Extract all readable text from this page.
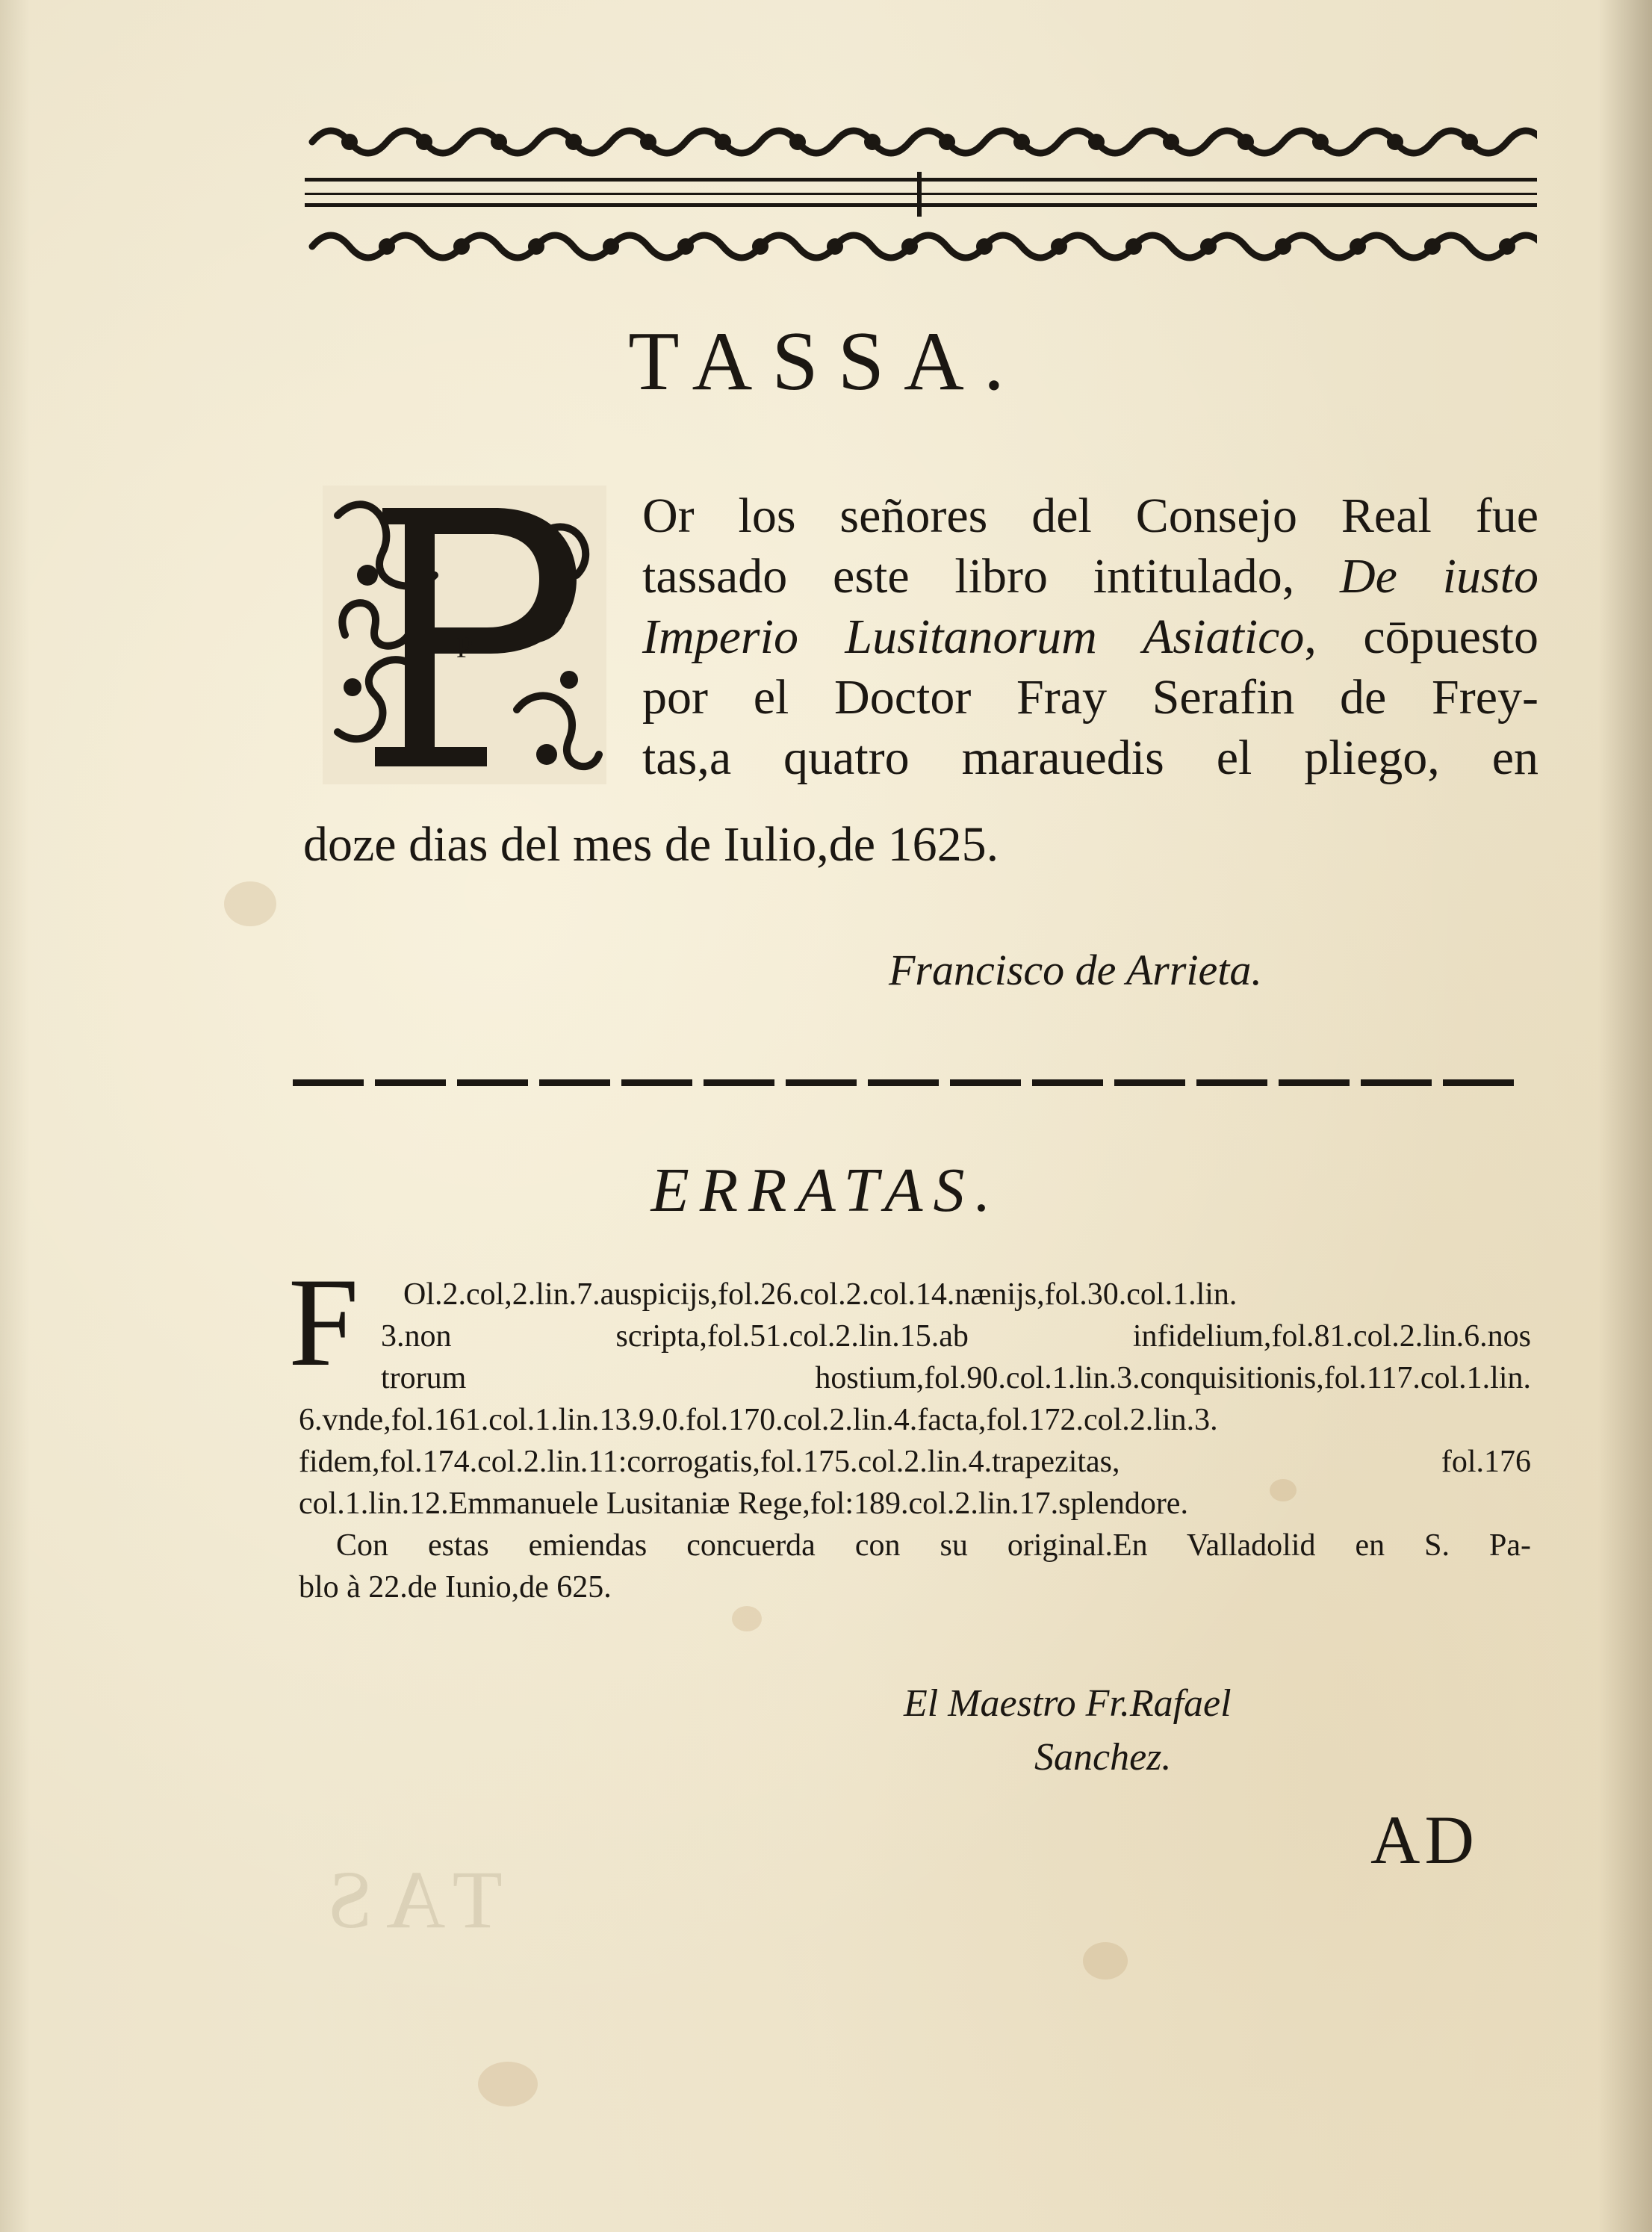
TAS
TASSA.
P
Or los señores del Consejo Real fue
tassado este libro intitulado, De iusto
Imperio Lusitanorum Asiatico, cōpuesto
por el Doctor Fray Serafin de Frey-
tas,a quatro marauedis el pliego, en
doze dias del mes de Iulio,de 1625.
Francisco de Arrieta.
ERRATAS.
F	Ol.2.col,2.lin.7.auspicijs,fol.26.col.2.col.14.nænijs,fol.30.col.1.lin.
3.non scripta,fol.51.col.2.lin.15.ab infidelium,fol.81.col.2.lin.6.nos
trorum hostium,fol.90.col.1.lin.3.conquisitionis,fol.117.col.1.lin.
6.vnde,fol.161.col.1.lin.13.9.0.fol.170.col.2.lin.4.facta,fol.172.col.2.lin.3.
fidem,fol.174.col.2.lin.11:corrogatis,fol.175.col.2.lin.4.trapezitas, fol.176
col.1.lin.12.Emmanuele Lusitaniæ Rege,fol:189.col.2.lin.17.splendore.
Con estas emiendas concuerda con su original.En Valladolid en S. Pa-
blo à 22.de Iunio,de 625.
El Maestro Fr.Rafael
Sanchez.
AD
